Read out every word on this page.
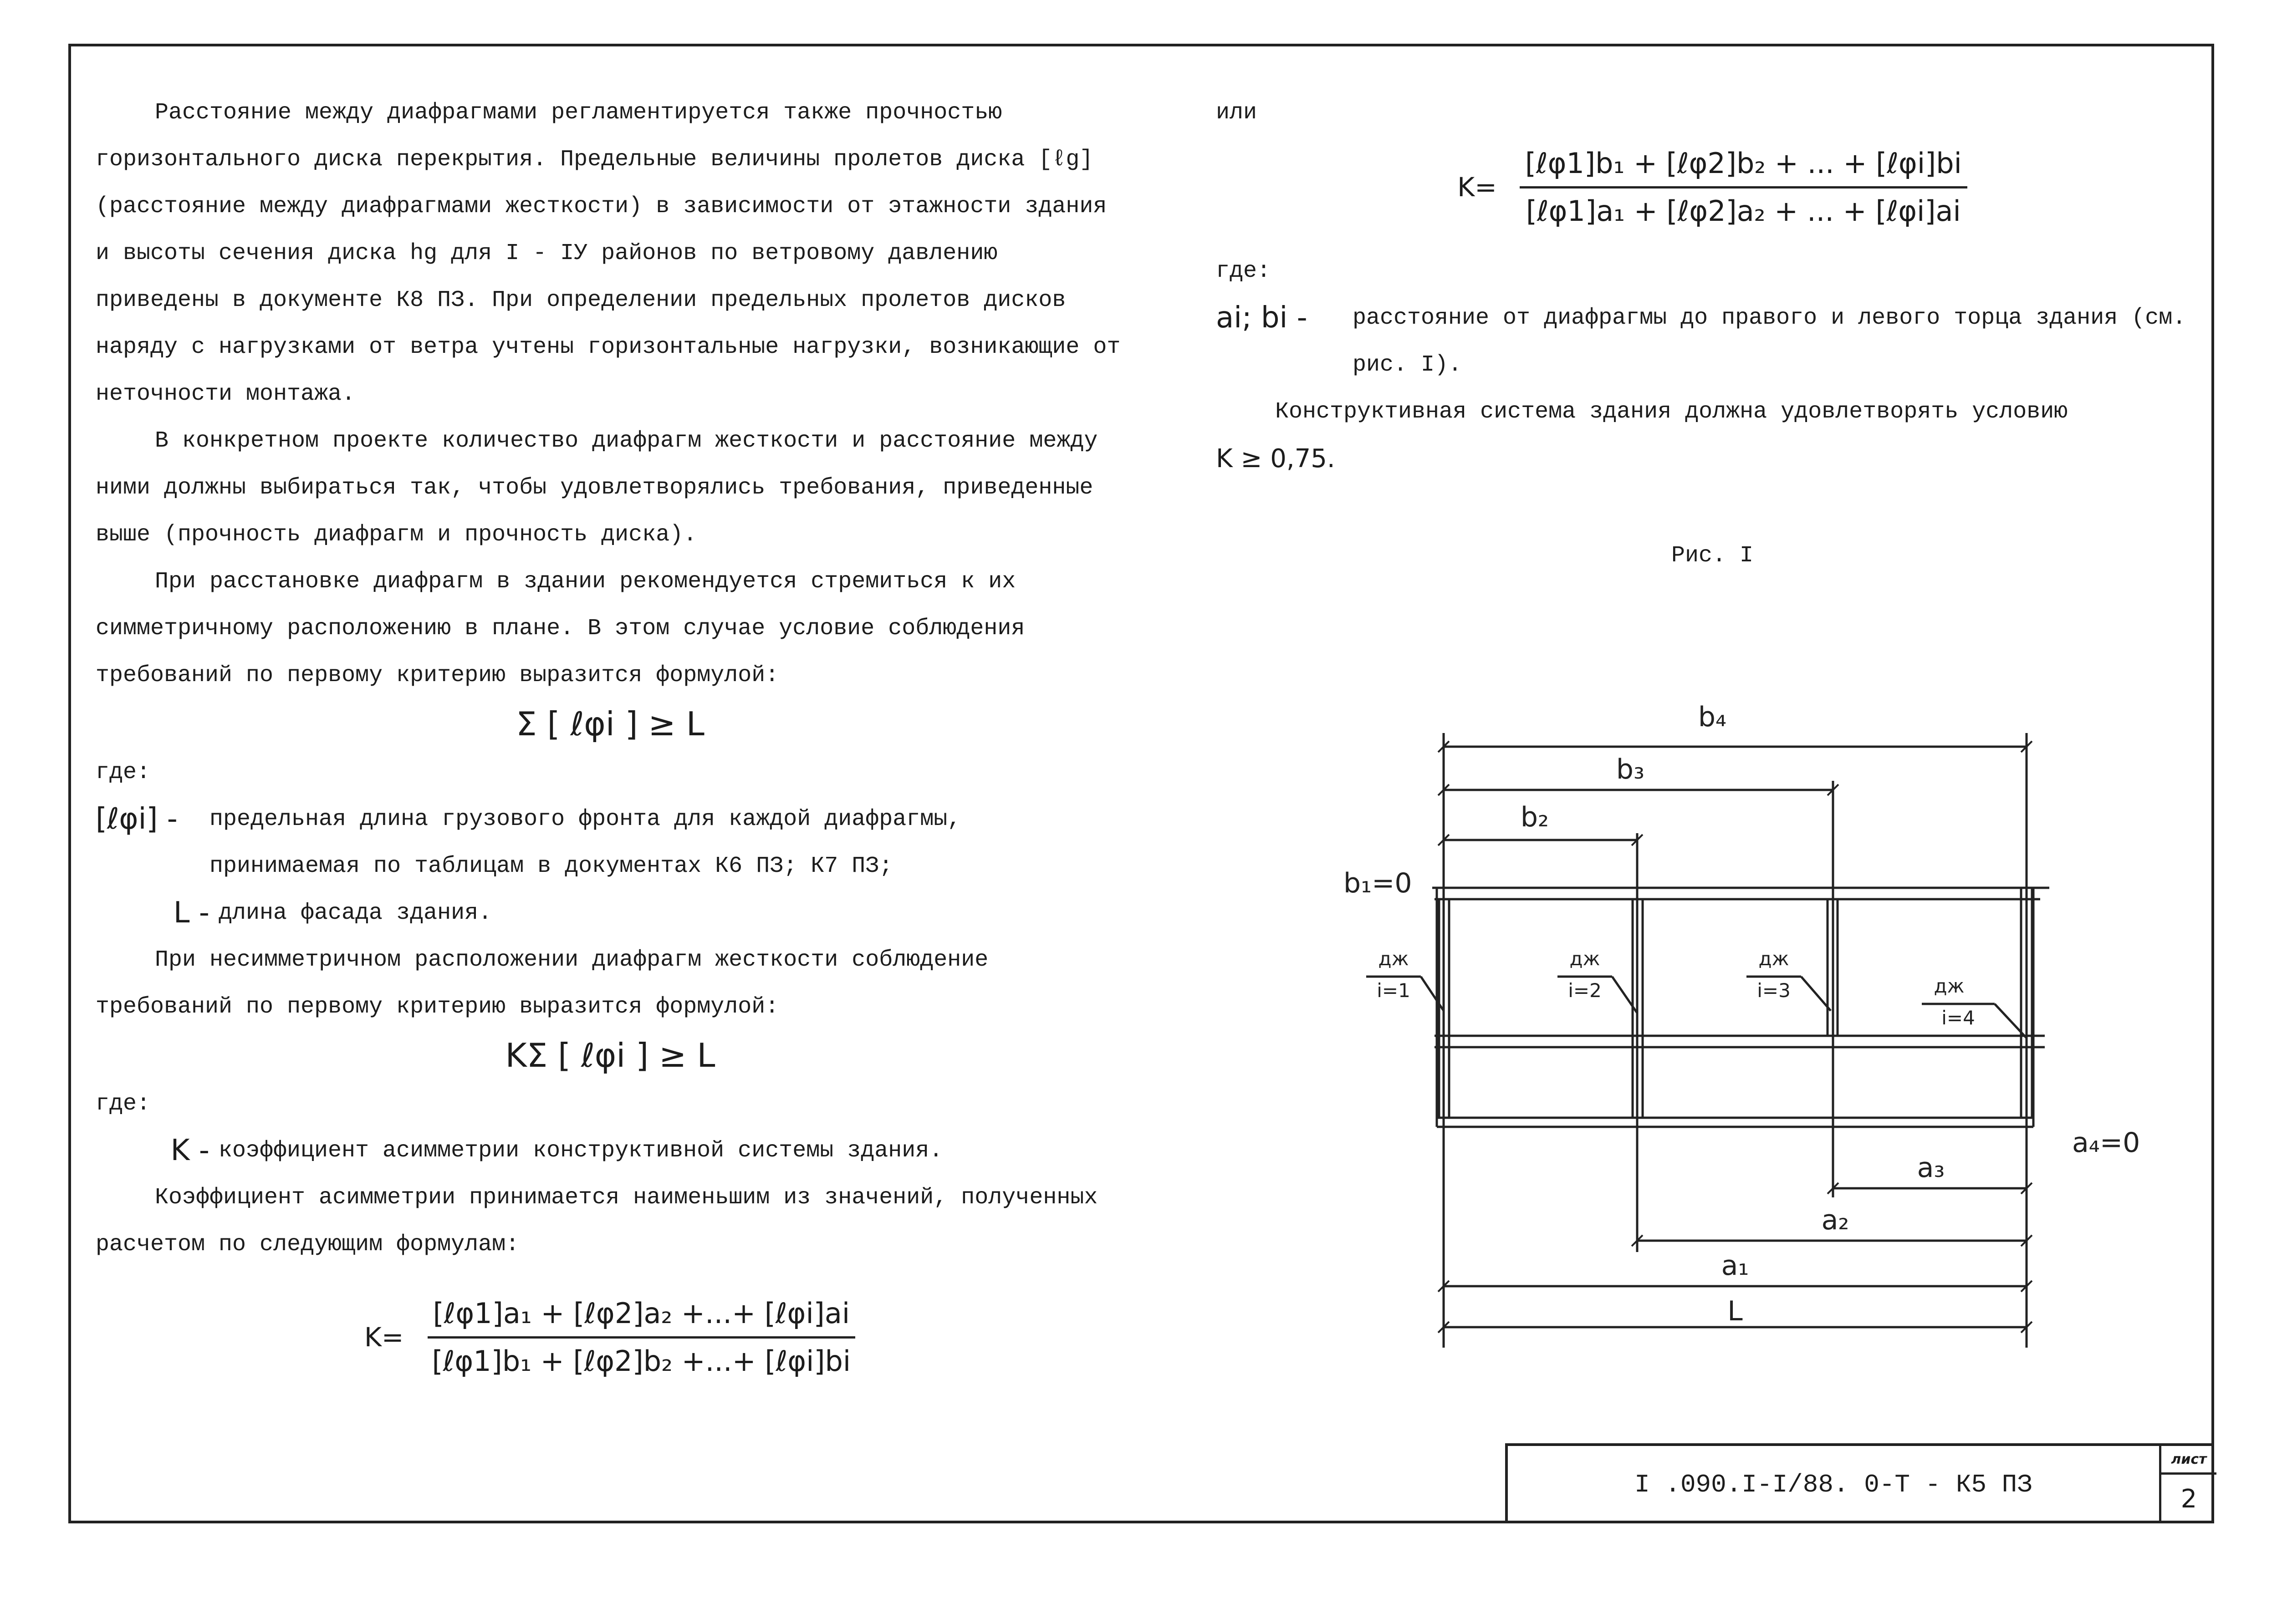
Расстояние между диафрагмами регламентируется также прочностью горизонтального диска перекрытия. Предельные величины пролетов диска [ℓg] (расстояние между диафрагмами жесткости) в зависимости от этажности здания и высоты сечения диска hg для I - IУ районов по ветровому давлению приведены в документе К8 ПЗ. При определении предельных пролетов дисков наряду с нагрузками от ветра учтены горизонтальные нагрузки, возникающие от неточности монтажа.

В конкретном проекте количество диафрагм жесткости и расстояние между ними должны выбираться так, чтобы удовлетворялись требования, приведенные выше (прочность диафрагм и прочность диска).

При расстановке диафрагм в здании рекомендуется стремиться к их симметричному расположению в плане. В этом случае условие соблюдения требований по первому критерию выразится формулой:

Σ [ ℓφi ] ≥ L

где:

[ℓφi] -	предельная длина грузового фронта для каждой диафрагмы, принимаемая по таблицам в документах К6 ПЗ; К7 ПЗ;
L - длина фасада здания.

При несимметричном расположении диафрагм жесткости соблюдение требований по первому критерию выразится формулой:

KΣ [ ℓφi ] ≥ L

где:

K - коэффициент асимметрии конструктивной системы здания.

Коэффициент асимметрии принимается наименьшим из значений, полученных расчетом по следующим формулам:

$K= \frac{\text{[ℓφ1]a₁ + [ℓφ2]a₂ +...+ [ℓφi]ai}}{\text{[ℓφ1]b₁ + [ℓφ2]b₂ +...+ [ℓφi]bi}}$

или

$K= \frac{\text{[ℓφ1]b₁ + [ℓφ2]b₂ + ... + [ℓφi]bi}}{\text{[ℓφ1]a₁ + [ℓφ2]a₂ + ... + [ℓφi]ai}}$

где:

ai; bi -	расстояние от диафрагмы до правого и левого торца здания (см. рис. I).

Конструктивная система здания должна удовлетворять условию

K ≥ 0,75.

Рис. I

b₄
b₃
b₂
b₁=0
a₄=0
a₃
a₂
a₁
L
дж
i=1
дж
i=2
дж
i=3	дж
i=4
I .090.I-I/88. 0-Т - К5 ПЗ
лист
2
